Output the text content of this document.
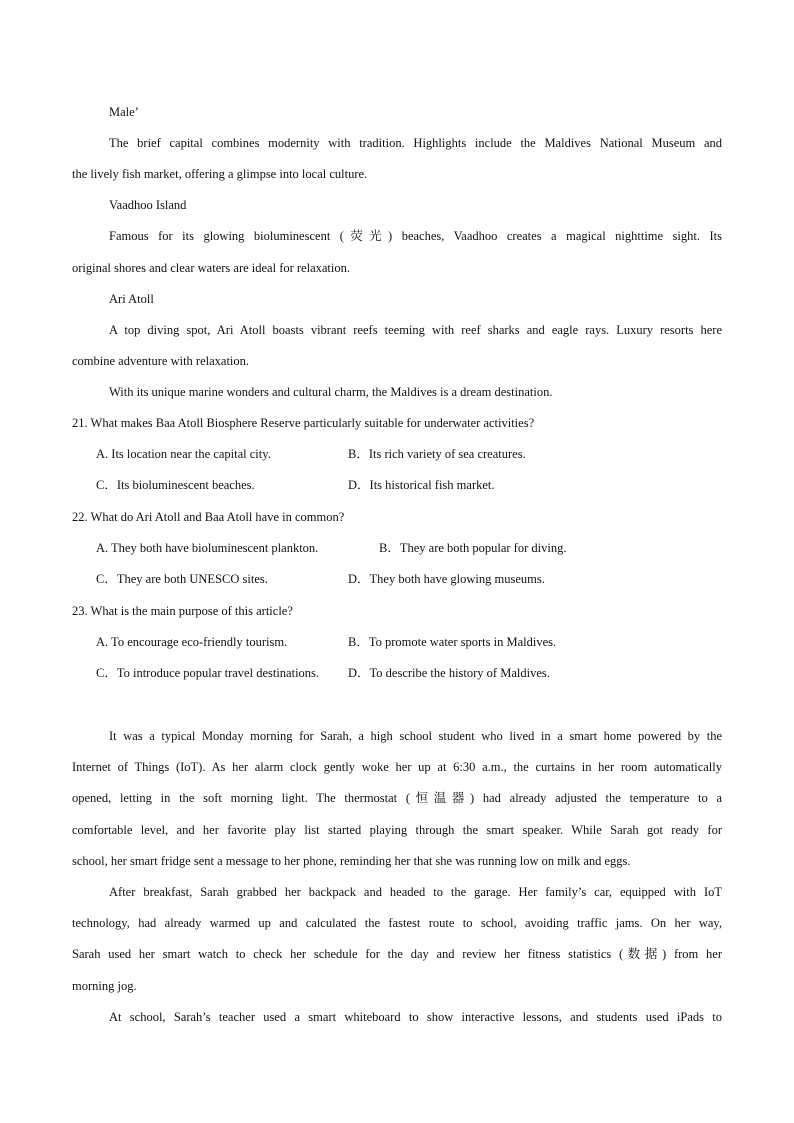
Male’
The brief capital combines modernity with tradition. Highlights include the Maldives National Museum and
the lively fish market, offering a glimpse into local culture.
Vaadhoo Island
Famous for its glowing bioluminescent (荧光) beaches, Vaadhoo creates a magical nighttime sight. Its
original shores and clear waters are ideal for relaxation.
Ari Atoll
A top diving spot, Ari Atoll boasts vibrant reefs teeming with reef sharks and eagle rays. Luxury resorts here
combine adventure with relaxation.
With its unique marine wonders and cultural charm, the Maldives is a dream destination.
21. What makes Baa Atoll Biosphere Reserve particularly suitable for underwater activities?
A. Its location near the capital city.	B．Its rich variety of sea creatures.
C．Its bioluminescent beaches.	D．Its historical fish market.
22. What do Ari Atoll and Baa Atoll have in common?
A. They both have bioluminescent plankton.	B．They are both popular for diving.
C．They are both UNESCO sites.	D．They both have glowing museums.
23. What is the main purpose of this article?
A. To encourage eco-friendly tourism.	B．To promote water sports in Maldives.
C．To introduce popular travel destinations. D．To describe the history of Maldives.
It was a typical Monday morning for Sarah, a high school student who lived in a smart home powered by the
Internet of Things (IoT). As her alarm clock gently woke her up at 6:30 a.m., the curtains in her room automatically
opened, letting in the soft morning light. The thermostat (恒温器) had already adjusted the temperature to a
comfortable level, and her favorite play list started playing through the smart speaker. While Sarah got ready for
school, her smart fridge sent a message to her phone, reminding her that she was running low on milk and eggs.
After breakfast, Sarah grabbed her backpack and headed to the garage. Her family’s car, equipped with IoT
technology, had already warmed up and calculated the fastest route to school, avoiding traffic jams. On her way,
Sarah used her smart watch to check her schedule for the day and review her fitness statistics (数据) from her
morning jog.
At school, Sarah’s teacher used a smart whiteboard to show interactive lessons, and students used iPads to
